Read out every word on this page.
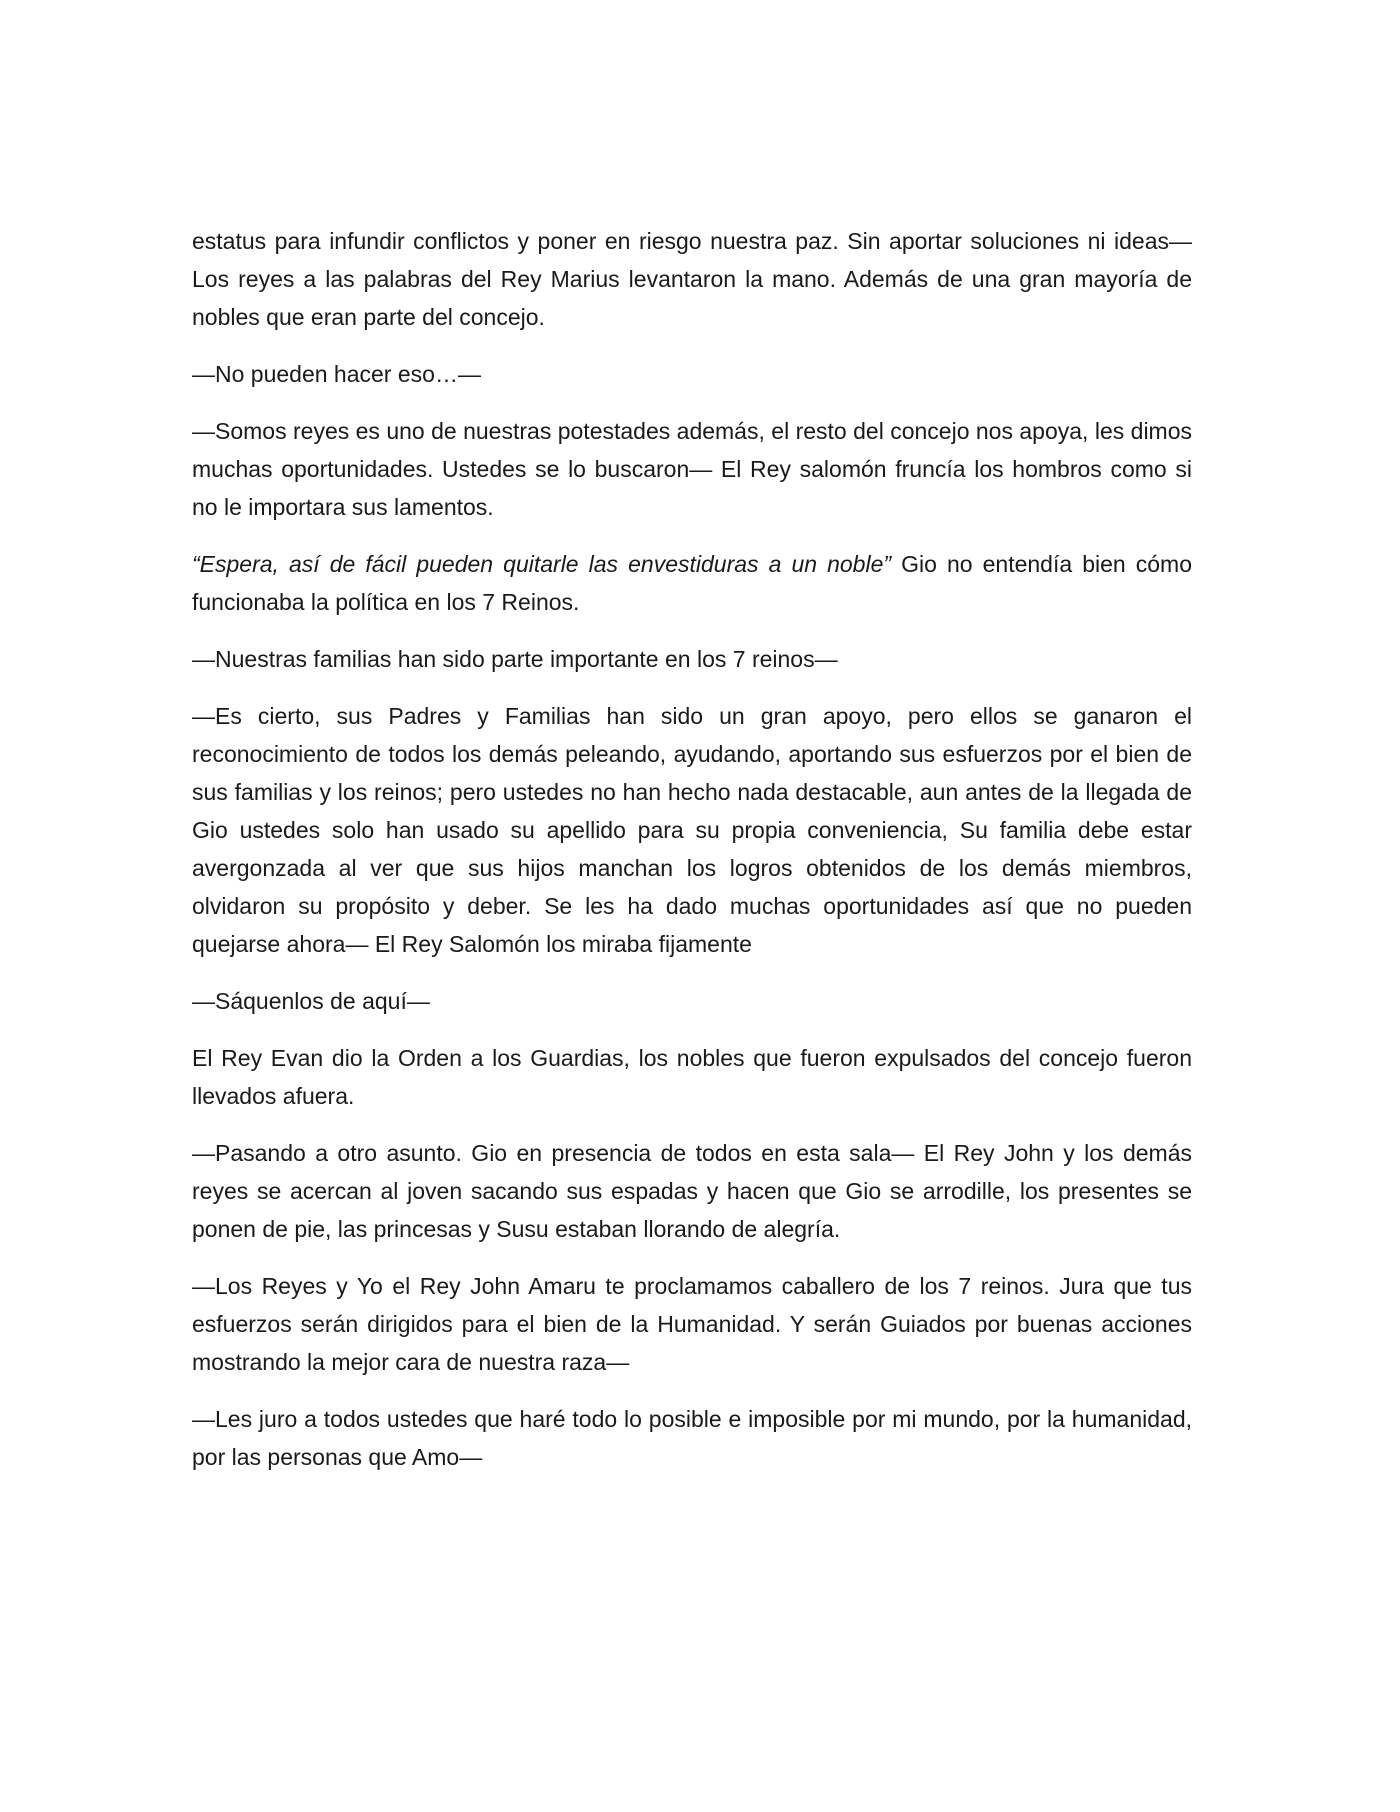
estatus para infundir conflictos y poner en riesgo nuestra paz. Sin aportar soluciones ni ideas— Los reyes a las palabras del Rey Marius levantaron la mano. Además de una gran mayoría de nobles que eran parte del concejo.

—No pueden hacer eso…—

—Somos reyes es uno de nuestras potestades además, el resto del concejo nos apoya, les dimos muchas oportunidades. Ustedes se lo buscaron— El Rey salomón fruncía los hombros como si no le importara sus lamentos.

“Espera, así de fácil pueden quitarle las envestiduras a un noble” Gio no entendía bien cómo funcionaba la política en los 7 Reinos.

—Nuestras familias han sido parte importante en los 7 reinos—

—Es cierto, sus Padres y Familias han sido un gran apoyo, pero ellos se ganaron el reconocimiento de todos los demás peleando, ayudando, aportando sus esfuerzos por el bien de sus familias y los reinos; pero ustedes no han hecho nada destacable, aun antes de la llegada de Gio ustedes solo han usado su apellido para su propia conveniencia, Su familia debe estar avergonzada al ver que sus hijos manchan los logros obtenidos de los demás miembros, olvidaron su propósito y deber. Se les ha dado muchas oportunidades así que no pueden quejarse ahora— El Rey Salomón los miraba fijamente

—Sáquenlos de aquí—

El Rey Evan dio la Orden a los Guardias, los nobles que fueron expulsados del concejo fueron llevados afuera.

—Pasando a otro asunto. Gio en presencia de todos en esta sala— El Rey John y los demás reyes se acercan al joven sacando sus espadas y hacen que Gio se arrodille, los presentes se ponen de pie, las princesas y Susu estaban llorando de alegría.

—Los Reyes y Yo el Rey John Amaru te proclamamos caballero de los 7 reinos. Jura que tus esfuerzos serán dirigidos para el bien de la Humanidad. Y serán Guiados por buenas acciones mostrando la mejor cara de nuestra raza—

—Les juro a todos ustedes que haré todo lo posible e imposible por mi mundo, por la humanidad, por las personas que Amo—
